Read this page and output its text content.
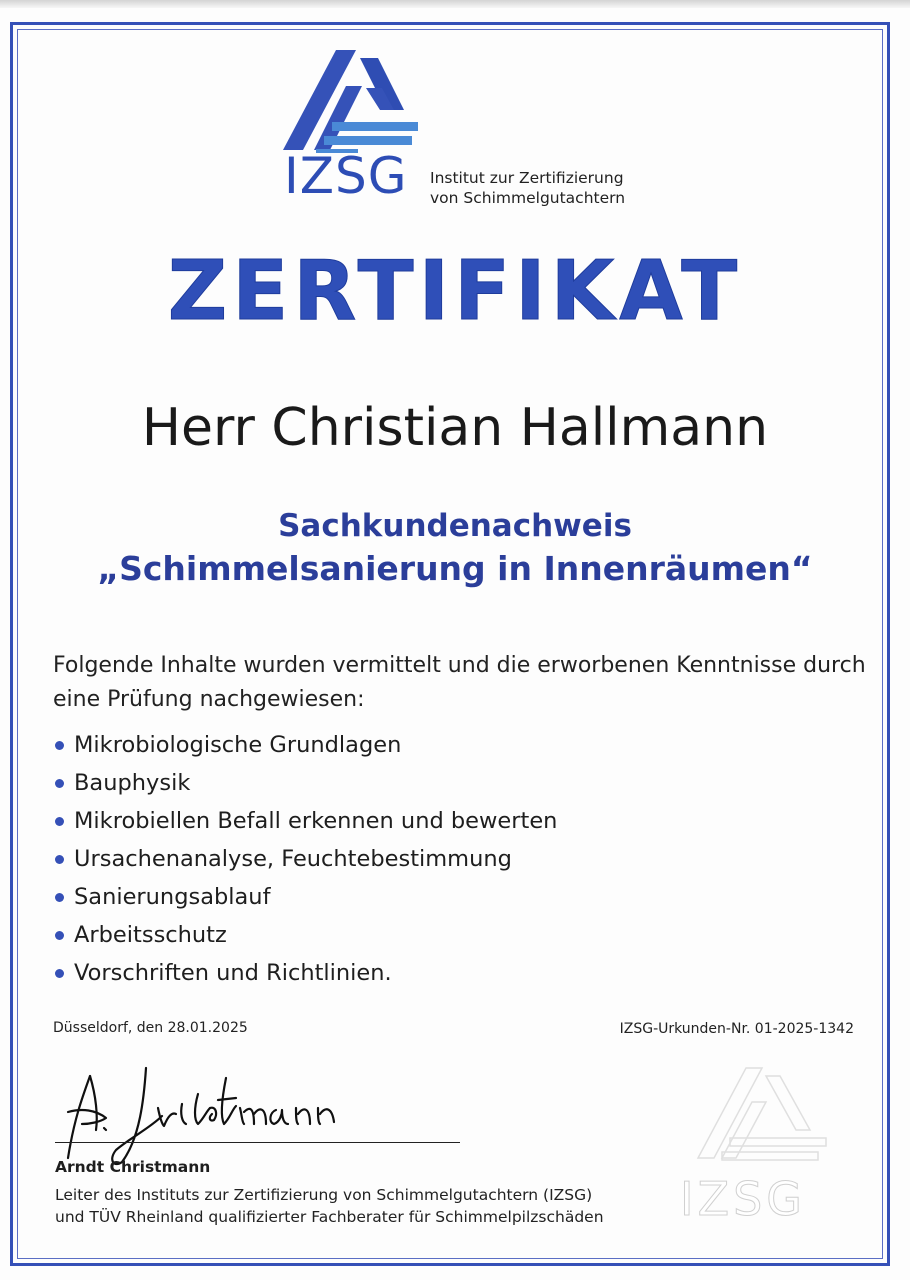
IZSG Institut zur Zertifizierung
von Schimmelgutachtern
ZERTIFIKAT
Herr Christian Hallmann
Sachkundenachweis
„Schimmelsanierung in Innenräumen“
Folgende Inhalte wurden vermittelt und die erworbenen Kenntnisse durch eine Prüfung nachgewiesen:
Mikrobiologische Grundlagen
Bauphysik
Mikrobiellen Befall erkennen und bewerten
Ursachenanalyse, Feuchtebestimmung
Sanierungsablauf
Arbeitsschutz
Vorschriften und Richtlinien.
Düsseldorf, den 28.01.2025	IZSG-Urkunden-Nr. 01-2025-1342
Arndt Christmann
Leiter des Instituts zur Zertifizierung von Schimmelgutachtern (IZSG)
und TÜV Rheinland qualifizierter Fachberater für Schimmelpilzschäden IZSG
